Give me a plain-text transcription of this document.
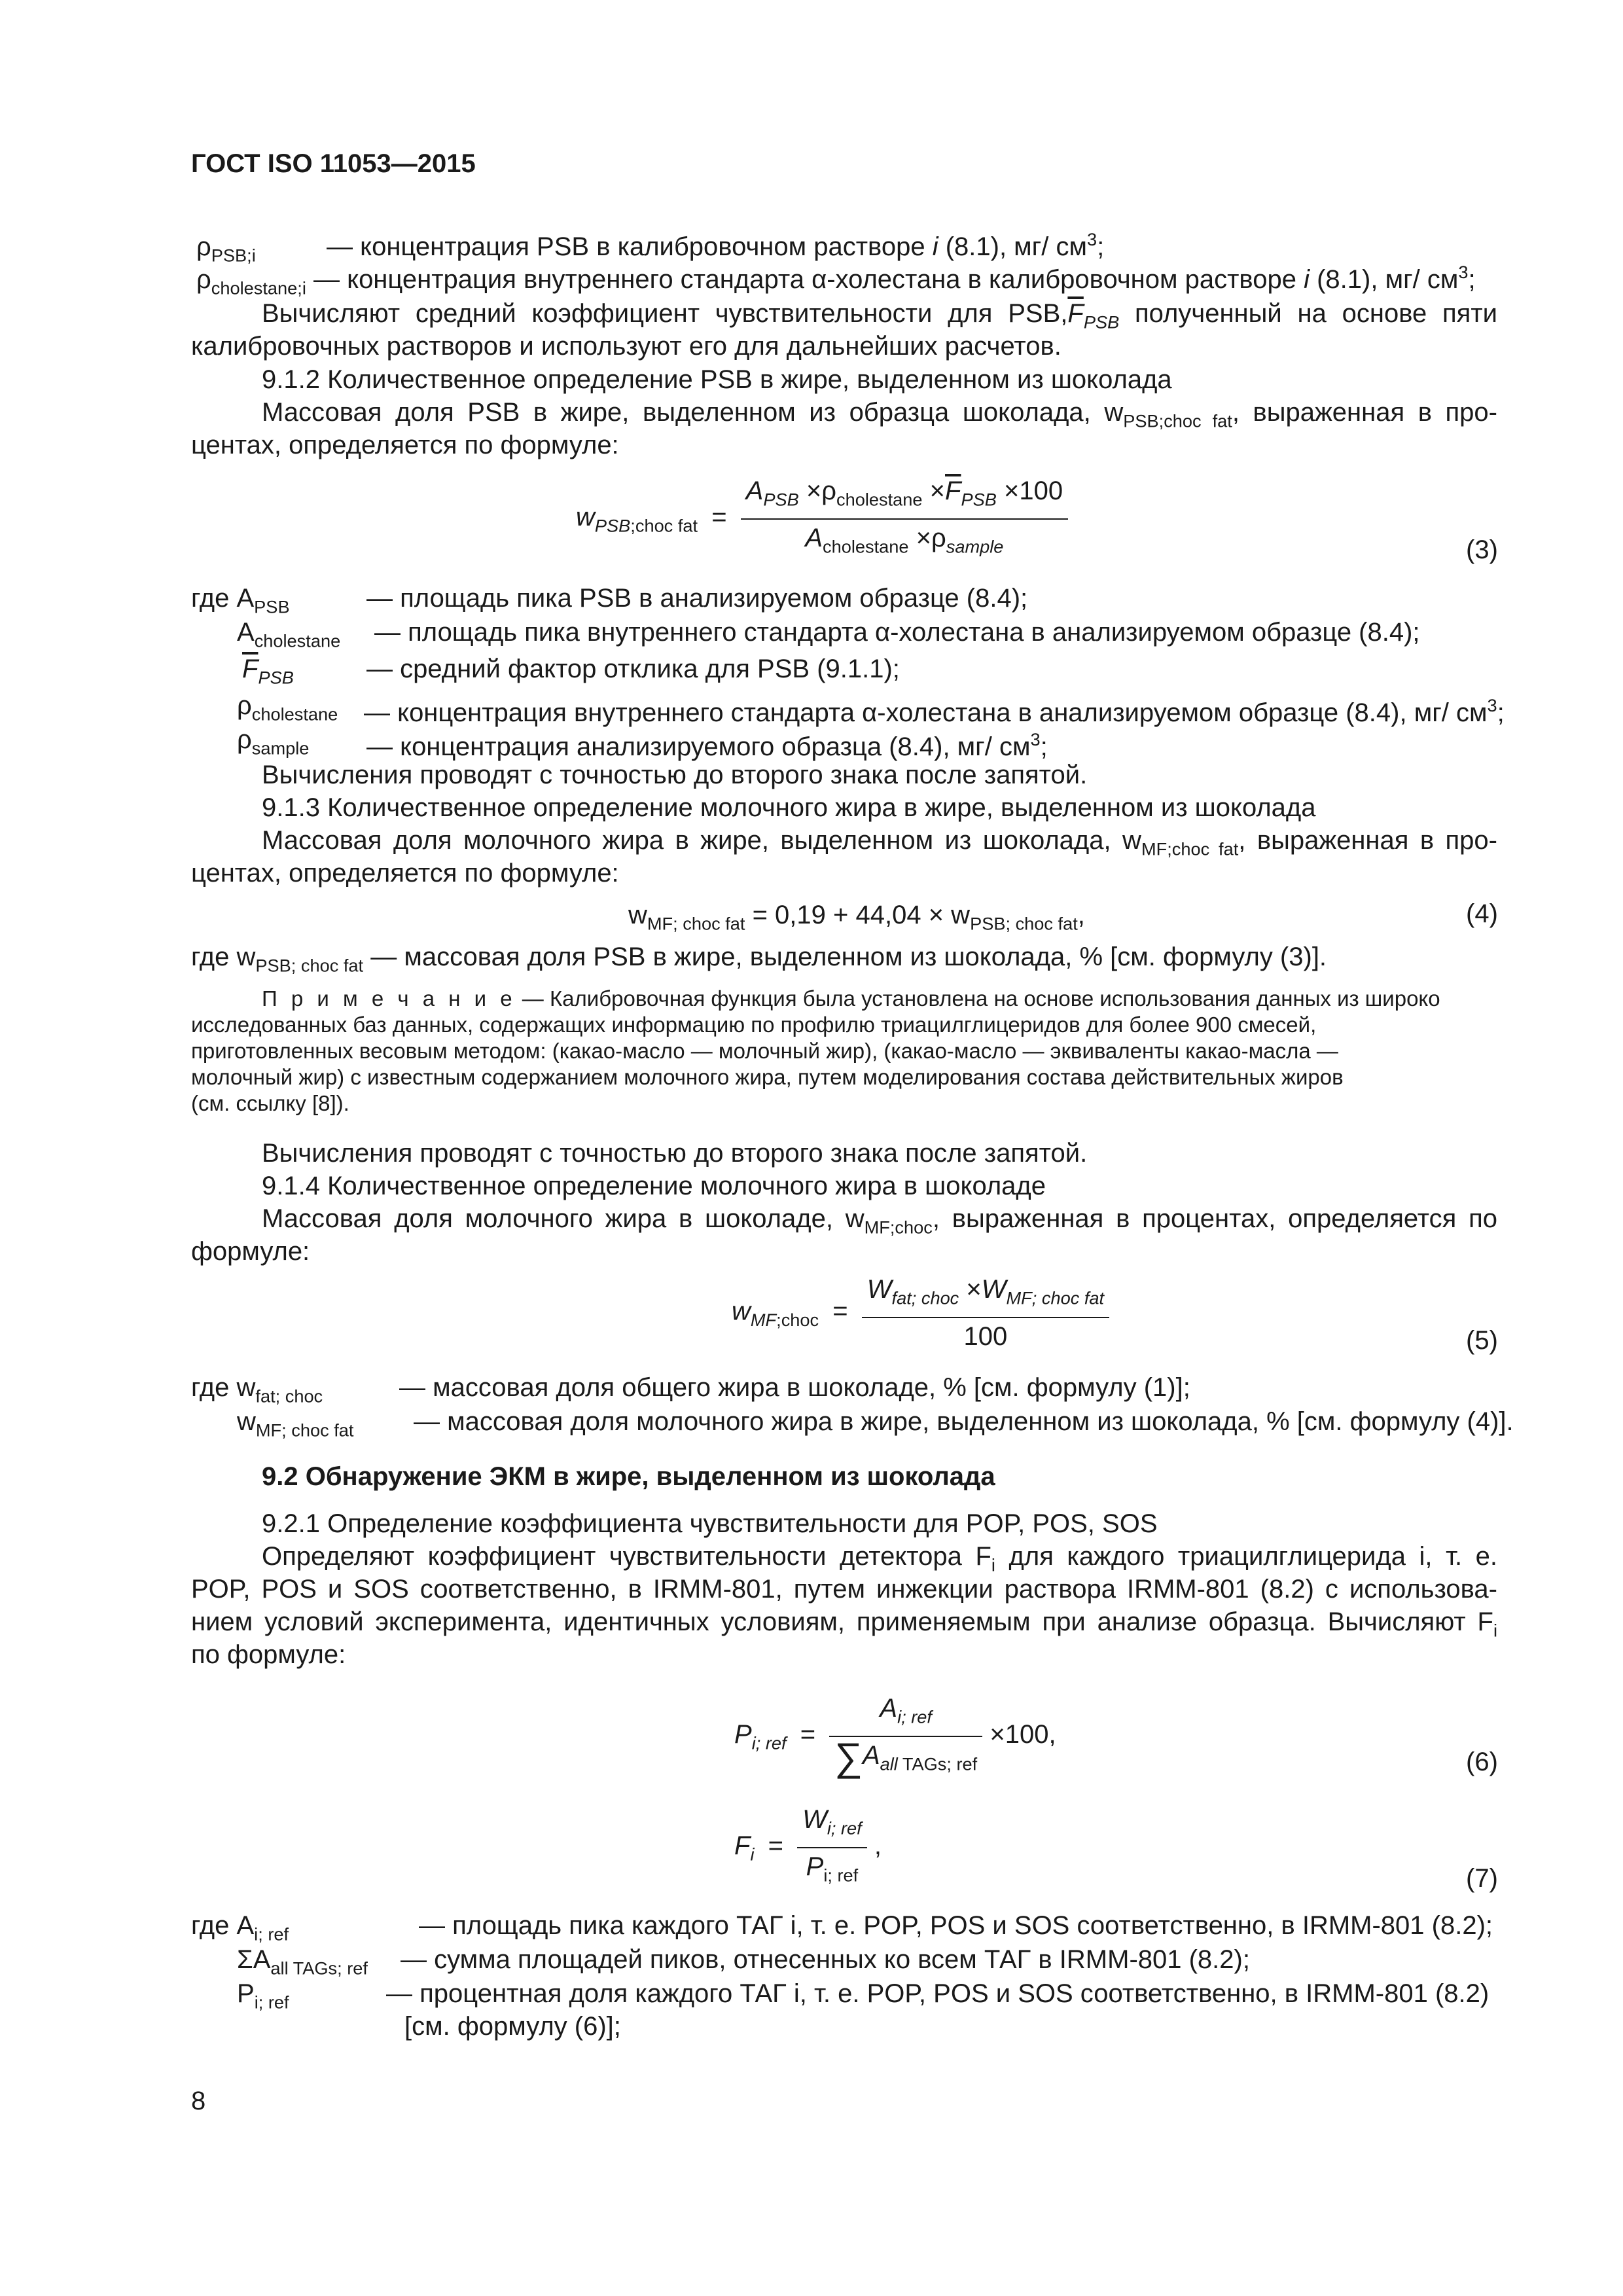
ГОСТ ISO 11053—2015
$\rho_{PSB;i}$	— концентрация PSB в калибровочном растворе i (8.1), мг/ $см^3$;
$\rho_{cholestane;i}$ — концентрация внутреннего стандарта α-холестана в калибровочном растворе i (8.1), мг/ $см^3$;
Вычисляют средний коэффициент чувствительности для $PSB,\overline{F}_{PSB}$ полученный на основе пяти
калибровочных растворов и используют его для дальнейших расчетов.
9.1.2 Количественное определение PSB в жире, выделенном из шоколада
Массовая доля PSB в жире, выделенном из образца шоколада, $w_{PSB;choc fat}$, выраженная в про-
центах, определяется по формуле:
$w_{PSB;choc fat} = \frac{A_{PSB} \times\rho_{cholestane} \times\overline{F}_{PSB} \times 100}{A_{cholestane} \times\rho_{sample}}$	(3)
где $A_{PSB}$	— площадь пика PSB в анализируемом образце (8.4);
$A_{cholestane}$ — площадь пика внутреннего стандарта α-холестана в анализируемом образце (8.4);
$\overline{F}_{PSB}$	— средний фактор отклика для PSB (9.1.1);
$\rho_{cholestane}$ — концентрация внутреннего стандарта α-холестана в анализируемом образце (8.4), мг/ $см^3$;
$\rho_{sample}$ — концентрация анализируемого образца (8.4), мг/ $см^3$;
Вычисления проводят с точностью до второго знака после запятой.
9.1.3 Количественное определение молочного жира в жире, выделенном из шоколада
Массовая доля молочного жира в жире, выделенном из шоколада, $w_{MF;choc fat}$, выраженная в про-
центах, определяется по формуле:
$w_{MF; choc fat} = 0,19 + 44,04 \times w_{PSB; choc fat}$,	(4)
где $w_{PSB; choc fat}$ — массовая доля PSB в жире, выделенном из шоколада, % [см. формулу (3)].
П р и м е ч а н и е — Калибровочная функция была установлена на основе использования данных из широко
исследованных баз данных, содержащих информацию по профилю триацилглицеридов для более 900 смесей,
приготовленных весовым методом: (какао-масло — молочный жир), (какао-масло — эквиваленты какао-масла —
молочный жир) с известным содержанием молочного жира, путем моделирования состава действительных жиров
(см. ссылку [8]).
Вычисления проводят с точностью до второго знака после запятой.
9.1.4 Количественное определение молочного жира в шоколаде
Массовая доля молочного жира в шоколаде, $w_{MF;choc}$, выраженная в процентах, определяется по
формуле:
$w_{MF;choc} = \frac{W_{fat; choc} \times W_{MF; choc fat}}{100}$	(5)
где $w_{fat; choc}$	— массовая доля общего жира в шоколаде, % [см. формулу (1)];
$w_{MF; choc fat}$ — массовая доля молочного жира в жире, выделенном из шоколада, % [см. формулу (4)].
9.2 Обнаружение ЭКМ в жире, выделенном из шоколада
9.2.1 Определение коэффициента чувствительности для POP, POS, SOS
Определяют коэффициент чувствительности детектора $F_i$ для каждого триацилглицерида i, т. е.
POP, POS и SOS соответственно, в IRMM-801, путем инжекции раствора IRMM-801 (8.2) с использова-
нием условий эксперимента, идентичных условиям, применяемым при анализе образца. Вычисляют $F_i$
по формуле:
$P_{i; ref} = \frac{A_{i; ref}}{\sum A_{all} _{TAGs; ref}} \times 100$,
(6)
$F_i = \frac{W_{i; ref}}{P_{i; ref}}$ ,
(7)
где $A_{i; ref}$	— площадь пика каждого ТАГ i, т. е. POP, POS и SOS соответственно, в IRMM-801 (8.2);
$\Sigma A_{all TAGs; ref}$ — сумма площадей пиков, отнесенных ко всем ТАГ в IRMM-801 (8.2);
$P_{i; ref}$	— процентная доля каждого ТАГ i, т. е. POP, POS и SOS соответственно, в IRMM-801 (8.2)
[см. формулу (6)];
8
